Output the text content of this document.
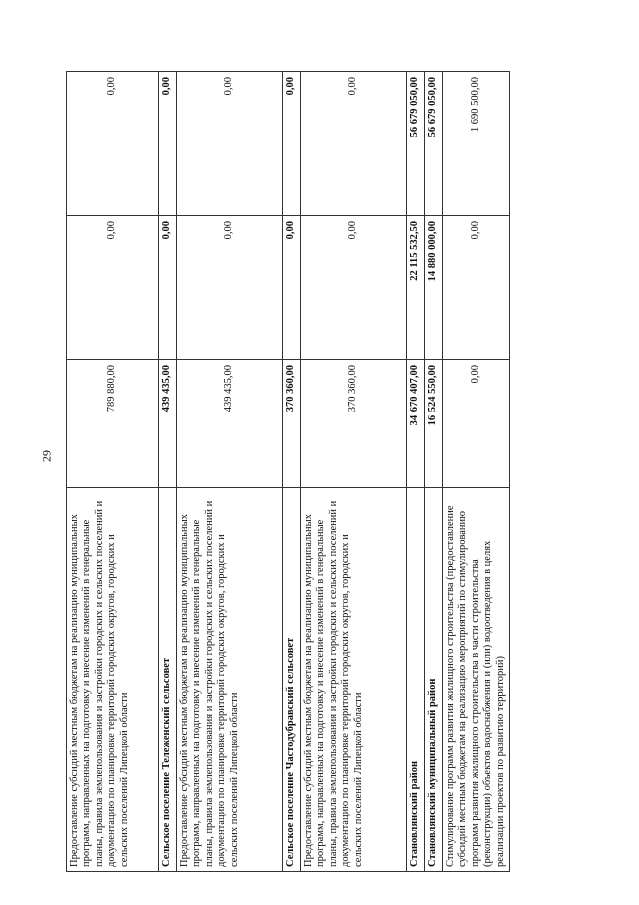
29
Предоставление субсидий местным бюджетам на реализацию муниципальных программ, направленных на подготовку и внесение изменений в генеральные планы, правила землепользования и застройки городских и сельских поселений и документацию по планировке территорий городских округов, городских и сельских поселений Липецкой области	789 880,00	0,00	0,00
Сельское поселение Тележенский сельсовет	439 435,00	0,00	0,00
Предоставление субсидий местным бюджетам на реализацию муниципальных программ, направленных на подготовку и внесение изменений в генеральные планы, правила землепользования и застройки городских и сельских поселений и документацию по планировке территорий городских округов, городских и сельских поселений Липецкой области	439 435,00	0,00	0,00
Сельское поселение Чаcтодубравский сельсовет	370 360,00	0,00	0,00
Предоставление субсидий местным бюджетам на реализацию муниципальных программ, направленных на подготовку и внесение изменений в генеральные планы, правила землепользования и застройки городских и сельских поселений и документацию по планировке территорий городских округов, городских и сельских поселений Липецкой области	370 360,00	0,00	0,00
Становлянский район	34 670 407,00	22 115 532,50	56 679 050,00
Становлянский муниципальный район	16 524 550,00	14 880 000,00	56 679 050,00
Стимулирование программ развития жилищного строительства (предоставление субсидий местным бюджетам на реализацию мероприятий по стимулированию программ развития жилищного строительства в части строительства (реконструкции) объектов водоснабжения и (или) водоотведения в целях реализации проектов по развитию территорий)	0,00	0,00	1 690 500,00
